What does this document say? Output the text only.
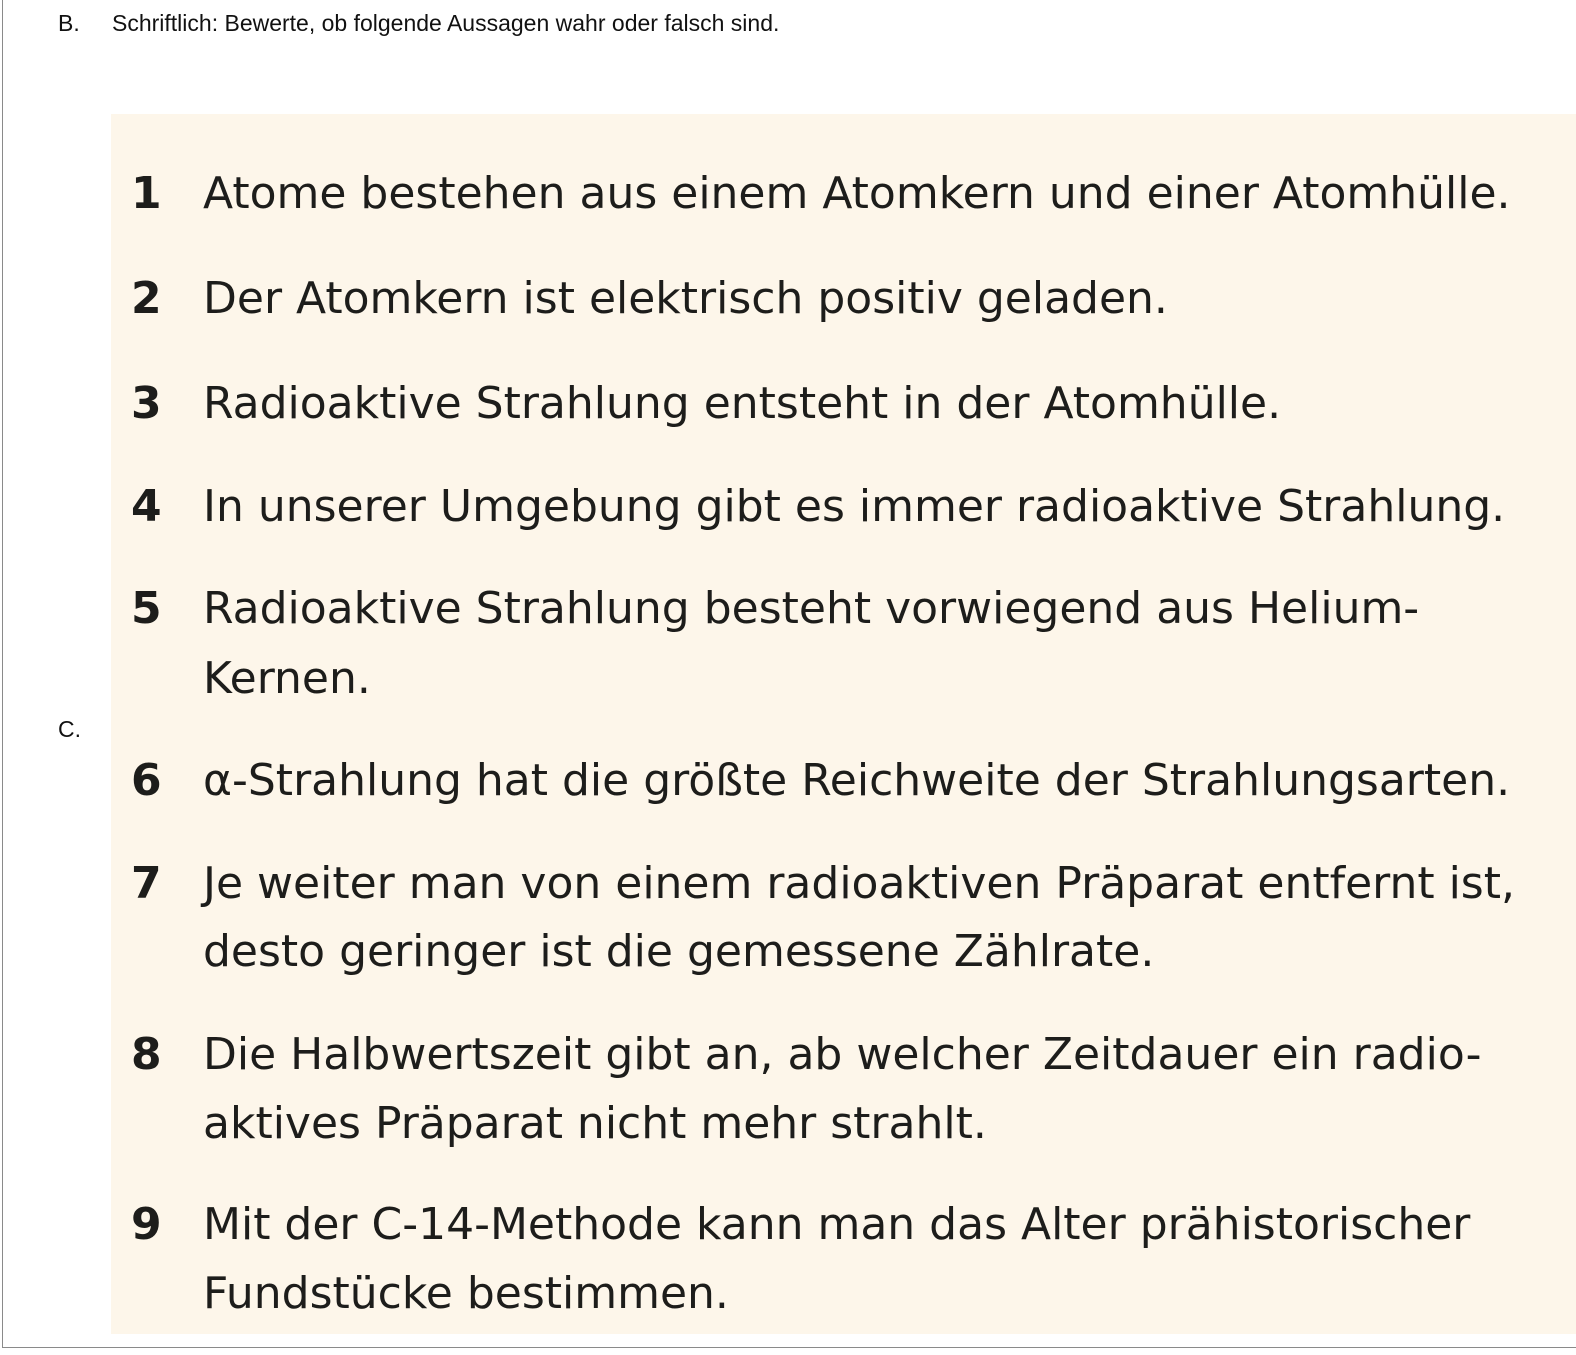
B. Schriftlich: Bewerte, ob folgende Aussagen wahr oder falsch sind.
1 Atome bestehen aus einem Atomkern und einer Atomhülle.
2 Der Atomkern ist elektrisch positiv geladen.
3 Radioaktive Strahlung entsteht in der Atomhülle.
4 In unserer Umgebung gibt es immer radioaktive Strahlung.
5 Radioaktive Strahlung besteht vorwiegend aus Helium-
Kernen.
6 α-Strahlung hat die größte Reichweite der Strahlungsarten.
7 Je weiter man von einem radioaktiven Präparat entfernt ist,
desto geringer ist die gemessene Zählrate.
8 Die Halbwertszeit gibt an, ab welcher Zeitdauer ein radio-
aktives Präparat nicht mehr strahlt.
9 Mit der C-14-Methode kann man das Alter prähistorischer
Fundstücke bestimmen.
C.
